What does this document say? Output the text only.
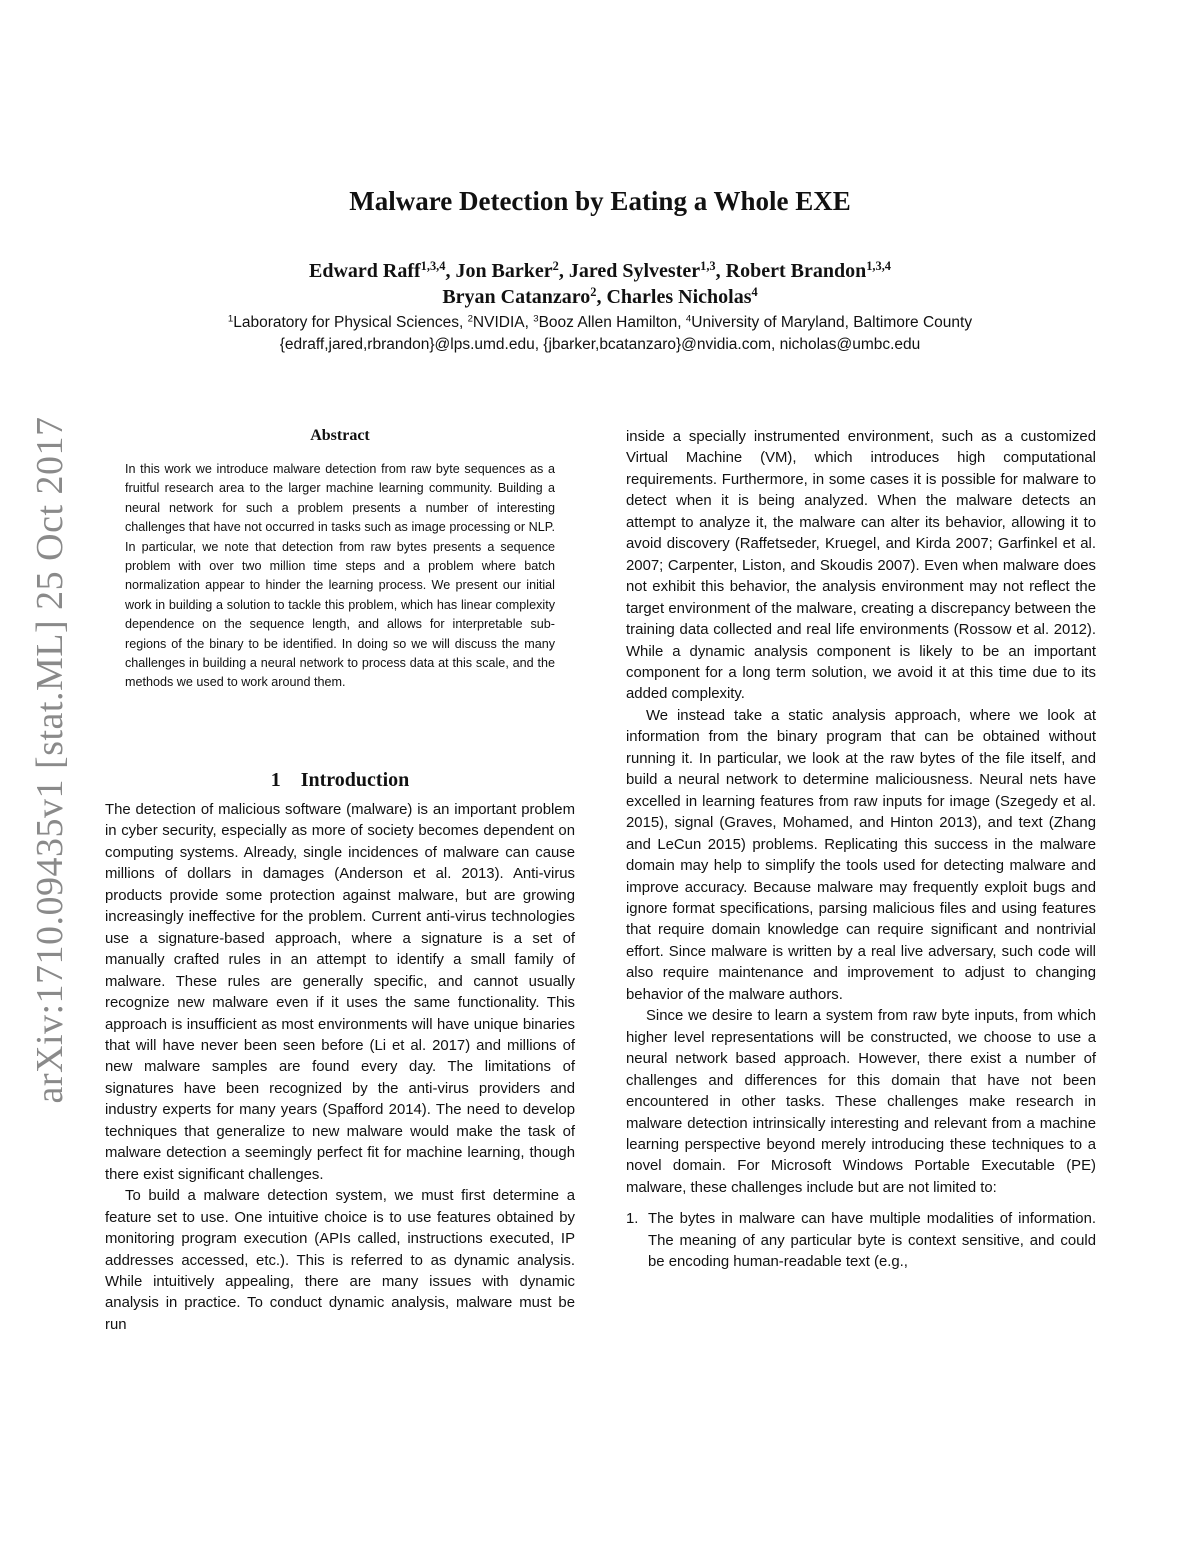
arXiv:1710.09435v1 [stat.ML] 25 Oct 2017
Malware Detection by Eating a Whole EXE
Edward Raff$^{1,3,4}$, Jon Barker$^2$, Jared Sylvester$^{1,3}$, Robert Brandon$^{1,3,4}$
Bryan Catanzaro$^2$, Charles Nicholas$^4$
$^1$Laboratory for Physical Sciences, $^2$NVIDIA, $^3$Booz Allen Hamilton, $^4$University of Maryland, Baltimore County
{edraff,jared,rbrandon}@lps.umd.edu, {jbarker,bcatanzaro}@nvidia.com, nicholas@umbc.edu
Abstract
In this work we introduce malware detection from raw byte sequences as a fruitful research area to the larger machine learning community. Building a neural network for such a problem presents a number of interesting challenges that have not occurred in tasks such as image processing or NLP. In particular, we note that detection from raw bytes presents a sequence problem with over two million time steps and a problem where batch normalization appear to hinder the learning process. We present our initial work in building a solution to tackle this problem, which has linear complexity dependence on the sequence length, and allows for interpretable sub-regions of the binary to be identified. In doing so we will discuss the many challenges in building a neural network to process data at this scale, and the methods we used to work around them.
1 Introduction

The detection of malicious software (malware) is an important problem in cyber security, especially as more of society becomes dependent on computing systems. Already, single incidences of malware can cause millions of dollars in damages (Anderson et al. 2013). Anti-virus products provide some protection against malware, but are growing increasingly ineffective for the problem. Current anti-virus technologies use a signature-based approach, where a signature is a set of manually crafted rules in an attempt to identify a small family of malware. These rules are generally specific, and cannot usually recognize new malware even if it uses the same functionality. This approach is insufficient as most environments will have unique binaries that will have never been seen before (Li et al. 2017) and millions of new malware samples are found every day. The limitations of signatures have been recognized by the anti-virus providers and industry experts for many years (Spafford 2014). The need to develop techniques that generalize to new malware would make the task of malware detection a seemingly perfect fit for machine learning, though there exist significant challenges.

To build a malware detection system, we must first determine a feature set to use. One intuitive choice is to use features obtained by monitoring program execution (APIs called, instructions executed, IP addresses accessed, etc.). This is referred to as dynamic analysis. While intuitively appealing, there are many issues with dynamic analysis in practice. To conduct dynamic analysis, malware must be run

inside a specially instrumented environment, such as a customized Virtual Machine (VM), which introduces high computational requirements. Furthermore, in some cases it is possible for malware to detect when it is being analyzed. When the malware detects an attempt to analyze it, the malware can alter its behavior, allowing it to avoid discovery (Raffetseder, Kruegel, and Kirda 2007; Garfinkel et al. 2007; Carpenter, Liston, and Skoudis 2007). Even when malware does not exhibit this behavior, the analysis environment may not reflect the target environment of the malware, creating a discrepancy between the training data collected and real life environments (Rossow et al. 2012). While a dynamic analysis component is likely to be an important component for a long term solution, we avoid it at this time due to its added complexity.

We instead take a static analysis approach, where we look at information from the binary program that can be obtained without running it. In particular, we look at the raw bytes of the file itself, and build a neural network to determine maliciousness. Neural nets have excelled in learning features from raw inputs for image (Szegedy et al. 2015), signal (Graves, Mohamed, and Hinton 2013), and text (Zhang and LeCun 2015) problems. Replicating this success in the malware domain may help to simplify the tools used for detecting malware and improve accuracy. Because malware may frequently exploit bugs and ignore format specifications, parsing malicious files and using features that require domain knowledge can require significant and nontrivial effort. Since malware is written by a real live adversary, such code will also require maintenance and improvement to adjust to changing behavior of the malware authors.

Since we desire to learn a system from raw byte inputs, from which higher level representations will be constructed, we choose to use a neural network based approach. However, there exist a number of challenges and differences for this domain that have not been encountered in other tasks. These challenges make research in malware detection intrinsically interesting and relevant from a machine learning perspective beyond merely introducing these techniques to a novel domain. For Microsoft Windows Portable Executable (PE) malware, these challenges include but are not limited to:

1. The bytes in malware can have multiple modalities of information. The meaning of any particular byte is context sensitive, and could be encoding human-readable text (e.g.,
